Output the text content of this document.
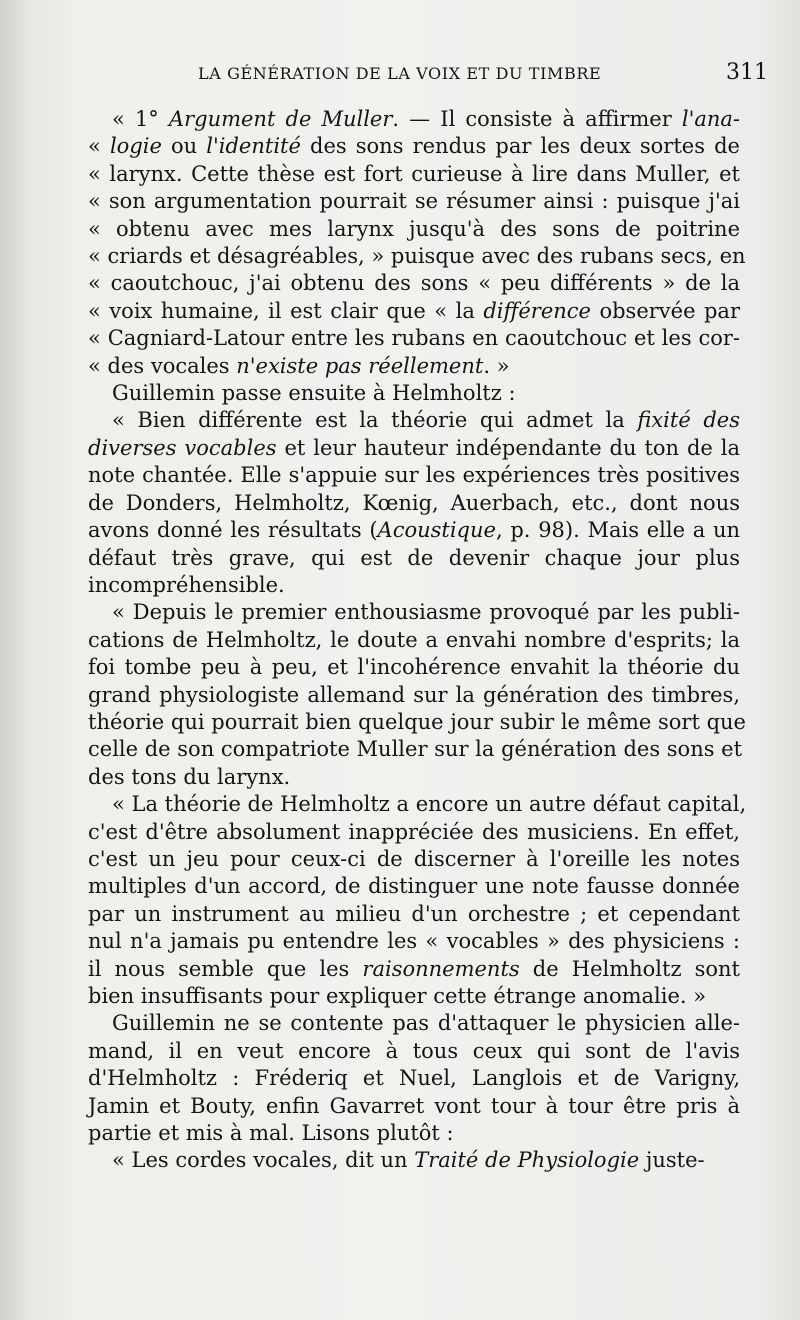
LA GÉNÉRATION DE LA VOIX ET DU TIMBRE	311
« 1° Argument de Muller. — Il consiste à affirmer l'ana-
« logie ou l'identité des sons rendus par les deux sortes de
« larynx. Cette thèse est fort curieuse à lire dans Muller, et
« son argumentation pourrait se résumer ainsi : puisque j'ai
« obtenu avec mes larynx jusqu'à des sons de poitrine
« criards et désagréables, » puisque avec des rubans secs, en
« caoutchouc, j'ai obtenu des sons « peu différents » de la
« voix humaine, il est clair que « la différence observée par
« Cagniard-Latour entre les rubans en caoutchouc et les cor-
« des vocales n'existe pas réellement. »
Guillemin passe ensuite à Helmholtz :
« Bien différente est la théorie qui admet la fixité des
diverses vocables et leur hauteur indépendante du ton de la
note chantée. Elle s'appuie sur les expériences très positives
de Donders, Helmholtz, Kœnig, Auerbach, etc., dont nous
avons donné les résultats (Acoustique, p. 98). Mais elle a un
défaut très grave, qui est de devenir chaque jour plus
incompréhensible.
« Depuis le premier enthousiasme provoqué par les publi-
cations de Helmholtz, le doute a envahi nombre d'esprits; la
foi tombe peu à peu, et l'incohérence envahit la théorie du
grand physiologiste allemand sur la génération des timbres,
théorie qui pourrait bien quelque jour subir le même sort que
celle de son compatriote Muller sur la génération des sons et
des tons du larynx.
« La théorie de Helmholtz a encore un autre défaut capital,
c'est d'être absolument inappréciée des musiciens. En effet,
c'est un jeu pour ceux-ci de discerner à l'oreille les notes
multiples d'un accord, de distinguer une note fausse donnée
par un instrument au milieu d'un orchestre ; et cependant
nul n'a jamais pu entendre les « vocables » des physiciens :
il nous semble que les raisonnements de Helmholtz sont
bien insuffisants pour expliquer cette étrange anomalie. »
Guillemin ne se contente pas d'attaquer le physicien alle-
mand, il en veut encore à tous ceux qui sont de l'avis
d'Helmholtz : Fréderiq et Nuel, Langlois et de Varigny,
Jamin et Bouty, enfin Gavarret vont tour à tour être pris à
partie et mis à mal. Lisons plutôt :
« Les cordes vocales, dit un Traité de Physiologie juste-
